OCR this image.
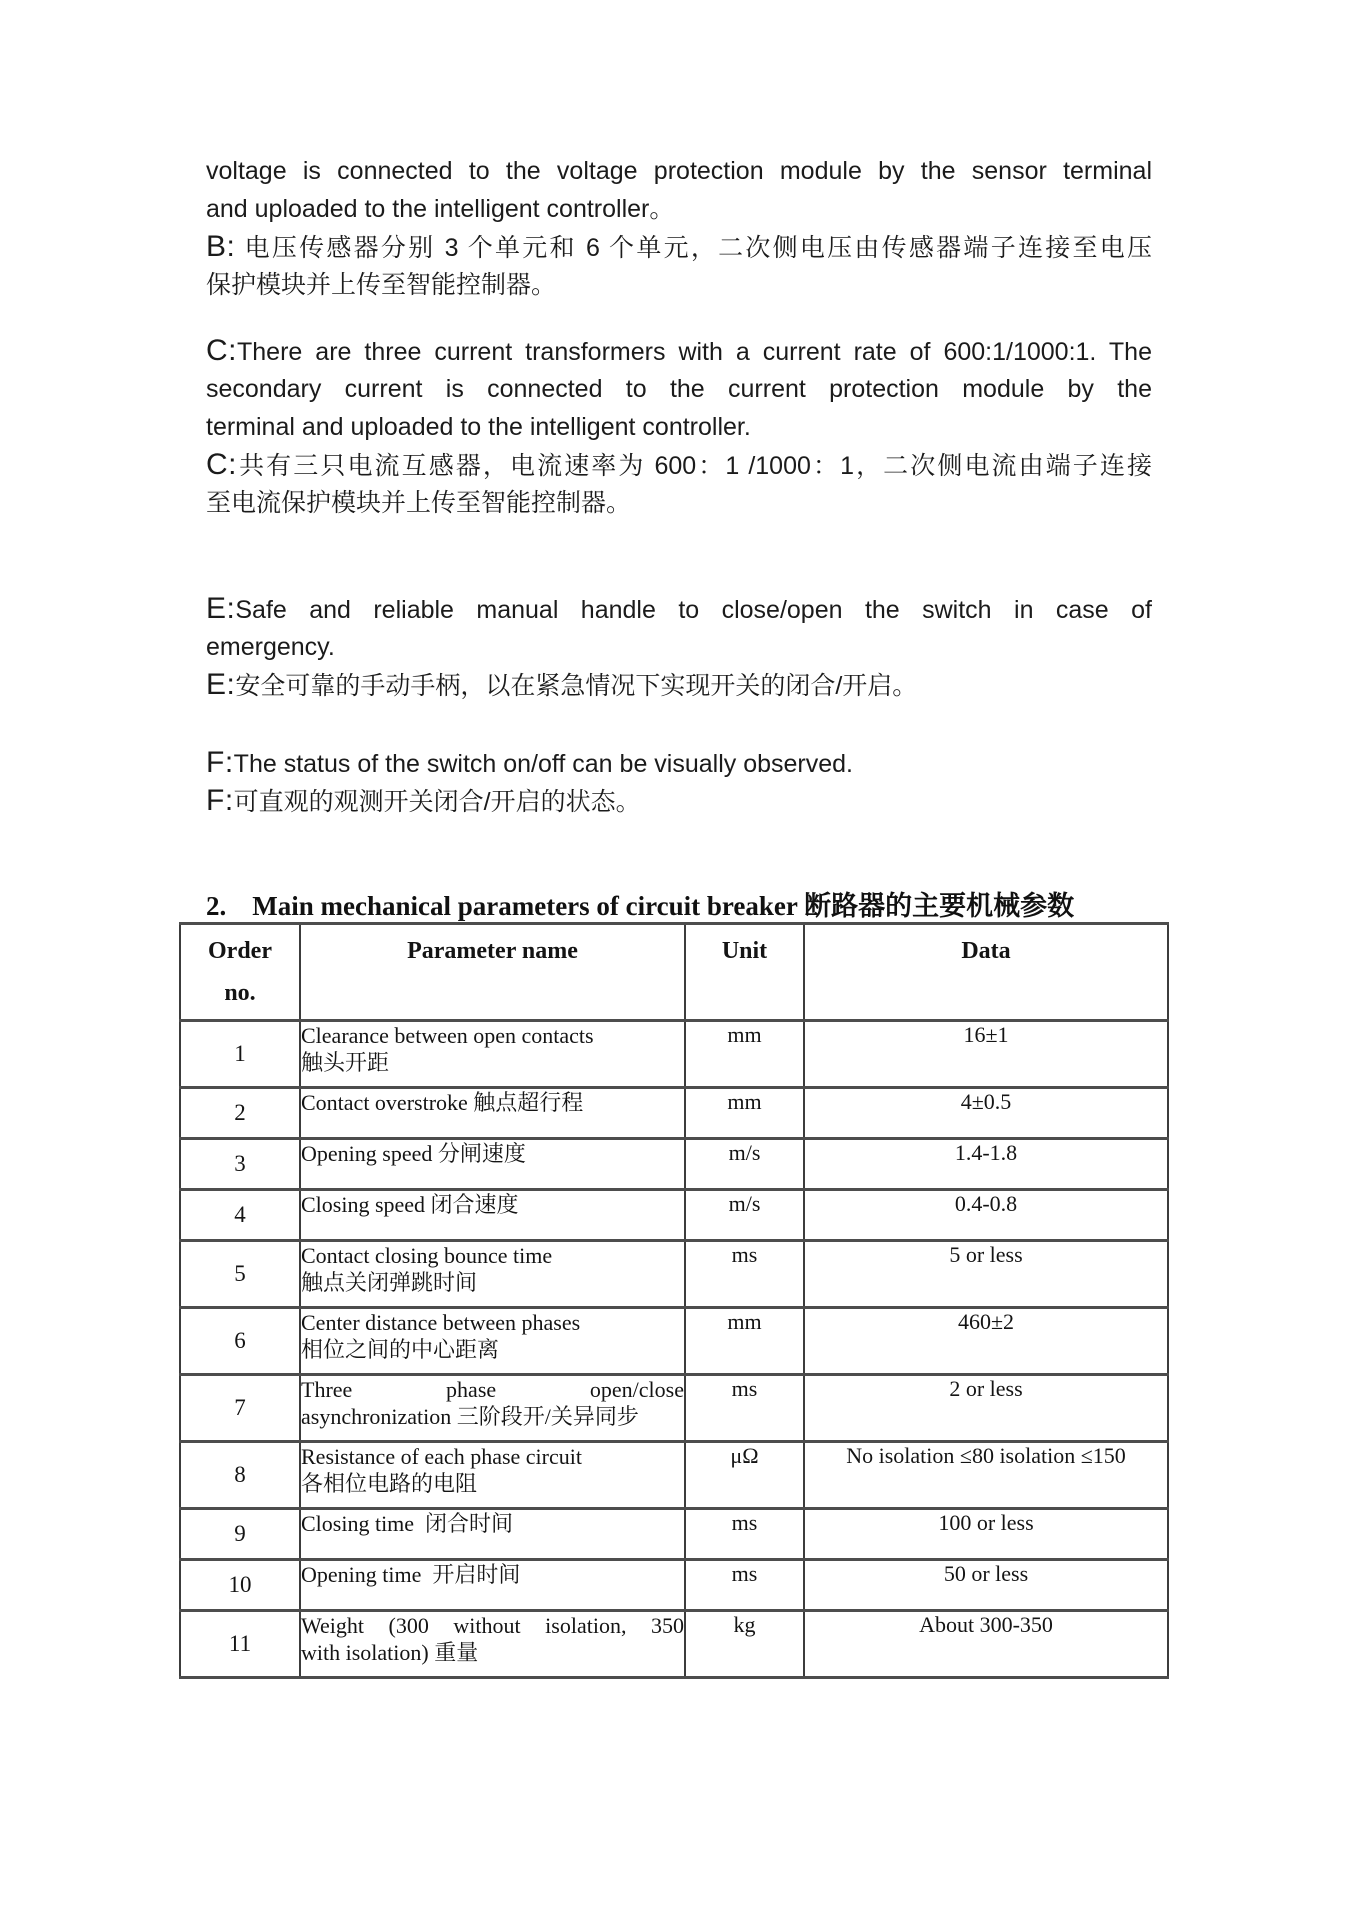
voltage is connected to the voltage protection module by the sensor terminal
and uploaded to the intelligent controller。
B: 电压传感器分别 3 个单元和 6 个单元，二次侧电压由传感器端子连接至电压
保护模块并上传至智能控制器。
C:There are three current transformers with a current rate of 600:1/1000:1. The
secondary current is connected to the current protection module by the
terminal and uploaded to the intelligent controller.
C:共有三只电流互感器，电流速率为 600：1 /1000：1，二次侧电流由端子连接
至电流保护模块并上传至智能控制器。
E:Safe and reliable manual handle to close/open the switch in case of
emergency.
E:安全可靠的手动手柄，以在紧急情况下实现开关的闭合/开启。
F:The status of the switch on/off can be visually observed.
F:可直观的观测开关闭合/开启的状态。
2. Main mechanical parameters of circuit breaker 断路器的主要机械参数
Order
no.	Parameter name	Unit	Data
1	Clearance between open contacts
触头开距	mm	16±1
2	Contact overstroke 触点超行程	mm	4±0.5
3	Opening speed 分闸速度	m/s	1.4-1.8
4	Closing speed 闭合速度	m/s	0.4-0.8
5	Contact closing bounce time
触点关闭弹跳时间	ms	5 or less
6	Center distance between phases
相位之间的中心距离	mm	460±2
7	Three phase open/close
asynchronization 三阶段开/关异同步	ms	2 or less
8	Resistance of each phase circuit
各相位电路的电阻	μΩ	No isolation ≤80 isolation ≤150
9	Closing time  闭合时间	ms	100 or less
10	Opening time  开启时间	ms	50 or less
11	Weight (300 without isolation, 350
with isolation) 重量	kg	About 300-350
